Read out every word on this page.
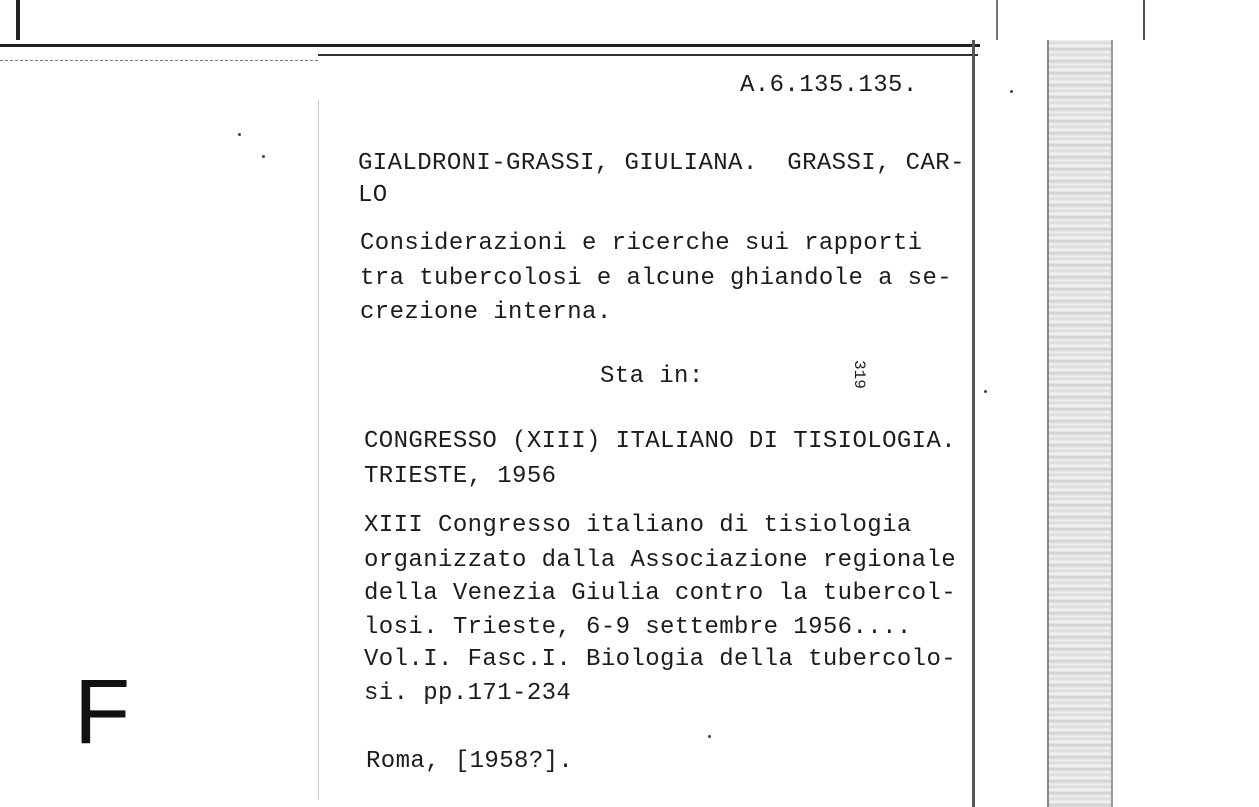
A.6.135.135.
GIALDRONI-GRASSI, GIULIANA.  GRASSI, CAR-
LO
Considerazioni e ricerche sui rapporti
tra tubercolosi e alcune ghiandole a se-
crezione interna.
Sta in:	319
CONGRESSO (XIII) ITALIANO DI TISIOLOGIA.
TRIESTE, 1956
XIII Congresso italiano di tisiologia
organizzato dalla Associazione regionale
della Venezia Giulia contro la tubercol-
losi. Trieste, 6-9 settembre 1956....
Vol.I. Fasc.I. Biologia della tubercolo-
si. pp.171-234
Roma, [1958?].
F
